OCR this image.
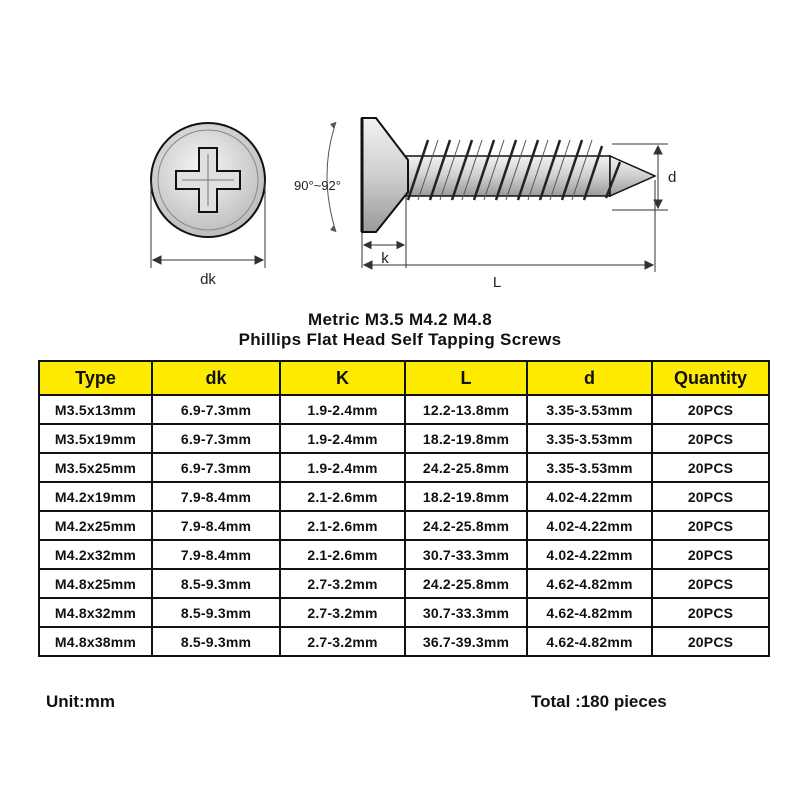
dk
90°~92°
k
L
d
Metric M3.5 M4.2 M4.8
Phillips Flat Head Self Tapping Screws
Type	dk	K	L	d	Quantity
M3.5x13mm	6.9-7.3mm	1.9-2.4mm	12.2-13.8mm	3.35-3.53mm	20PCS
M3.5x19mm	6.9-7.3mm	1.9-2.4mm	18.2-19.8mm	3.35-3.53mm	20PCS
M3.5x25mm	6.9-7.3mm	1.9-2.4mm	24.2-25.8mm	3.35-3.53mm	20PCS
M4.2x19mm	7.9-8.4mm	2.1-2.6mm	18.2-19.8mm	4.02-4.22mm	20PCS
M4.2x25mm	7.9-8.4mm	2.1-2.6mm	24.2-25.8mm	4.02-4.22mm	20PCS
M4.2x32mm	7.9-8.4mm	2.1-2.6mm	30.7-33.3mm	4.02-4.22mm	20PCS
M4.8x25mm	8.5-9.3mm	2.7-3.2mm	24.2-25.8mm	4.62-4.82mm	20PCS
M4.8x32mm	8.5-9.3mm	2.7-3.2mm	30.7-33.3mm	4.62-4.82mm	20PCS
M4.8x38mm	8.5-9.3mm	2.7-3.2mm	36.7-39.3mm	4.62-4.82mm	20PCS
Unit:mm	Total :180 pieces
